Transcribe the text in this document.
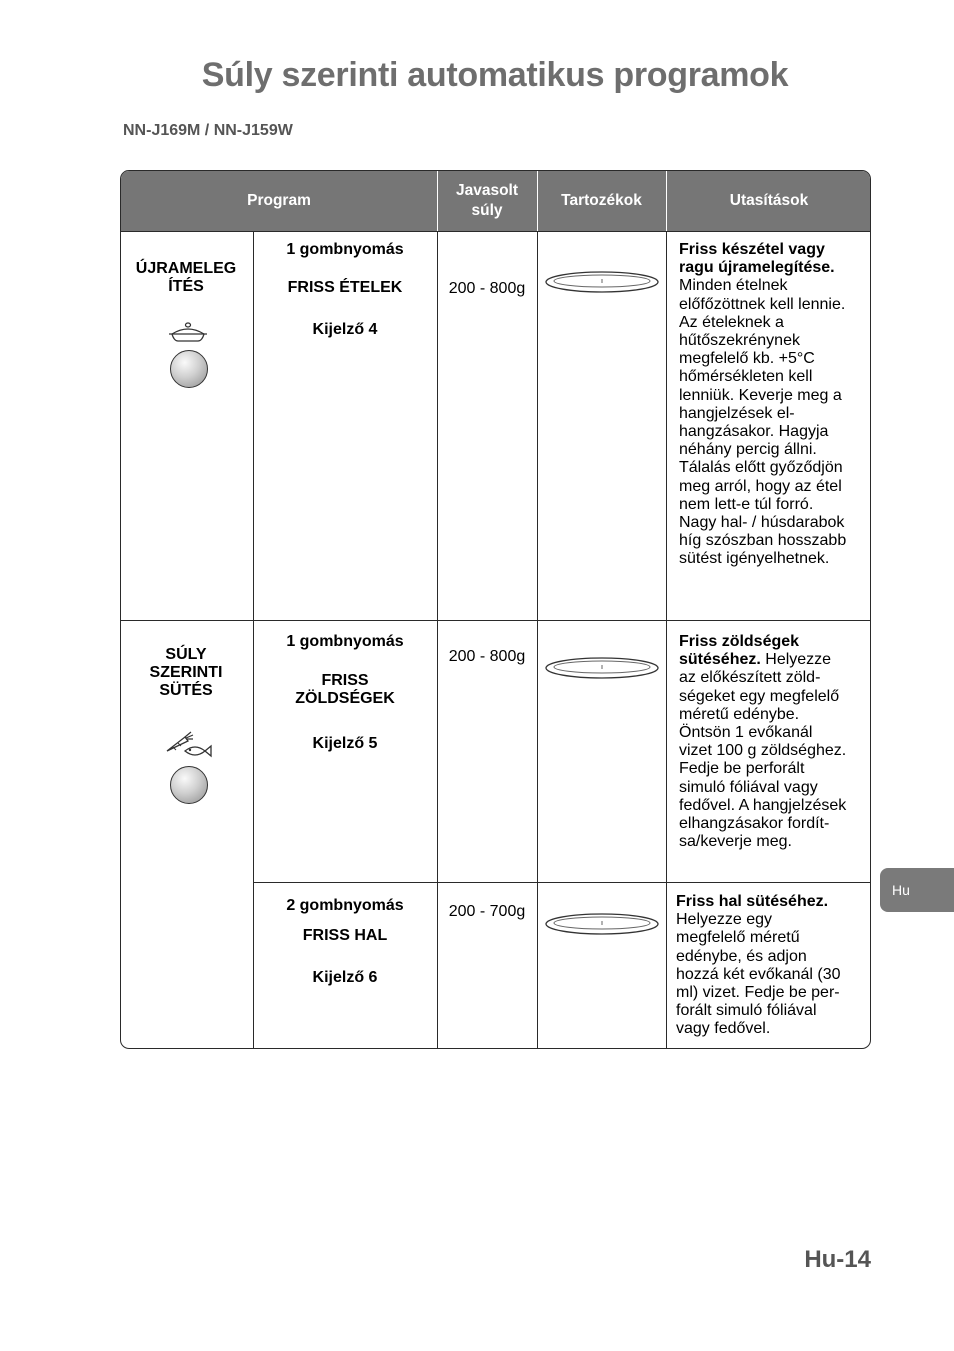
Súly szerinti automatikus programok
NN-J169M / NN-J159W
Program
Javasolt
súly
Tartozékok	Utasítások
ÚJRAMELEG
ÍTÉS
1 gombnyomás
FRISS ÉTELEK
Kijelző 4
200 - 800g
Friss készétel vagy
ragu újramelegítése.
Minden ételnek
előfőzöttnek kell lennie.
Az ételeknek a
hűtőszekrénynek
megfelelő kb. +5°C
hőmérsékleten kell
lenniük. Keverje meg a
hangjelzések el-
hangzásakor. Hagyja
néhány percig állni.
Tálalás előtt győződjön
meg arról, hogy az étel
nem lett-e túl forró.
Nagy hal- / húsdarabok
híg szószban hosszabb
sütést igényelhetnek.
SÚLY
SZERINTI
SÜTÉS
1 gombnyomás
FRISS
ZÖLDSÉGEK
Kijelző 5
200 - 800g
Friss zöldségek
sütéséhez. Helyezze
az előkészített zöld-
ségeket egy megfelelő
méretű edénybe.
Öntsön 1 evőkanál
vizet 100 g zöldséghez.
Fedje be perforált
simuló fóliával vagy
fedővel. A hangjelzések
elhangzásakor fordít-
sa/keverje meg.
2 gombnyomás
FRISS HAL
Kijelző 6
200 - 700g
Friss hal sütéséhez.
Helyezze egy
megfelelő méretű
edénybe, és adjon
hozzá két evőkanál (30
ml) vizet. Fedje be per-
forált simuló fóliával
vagy fedővel.
Hu
Hu-14
